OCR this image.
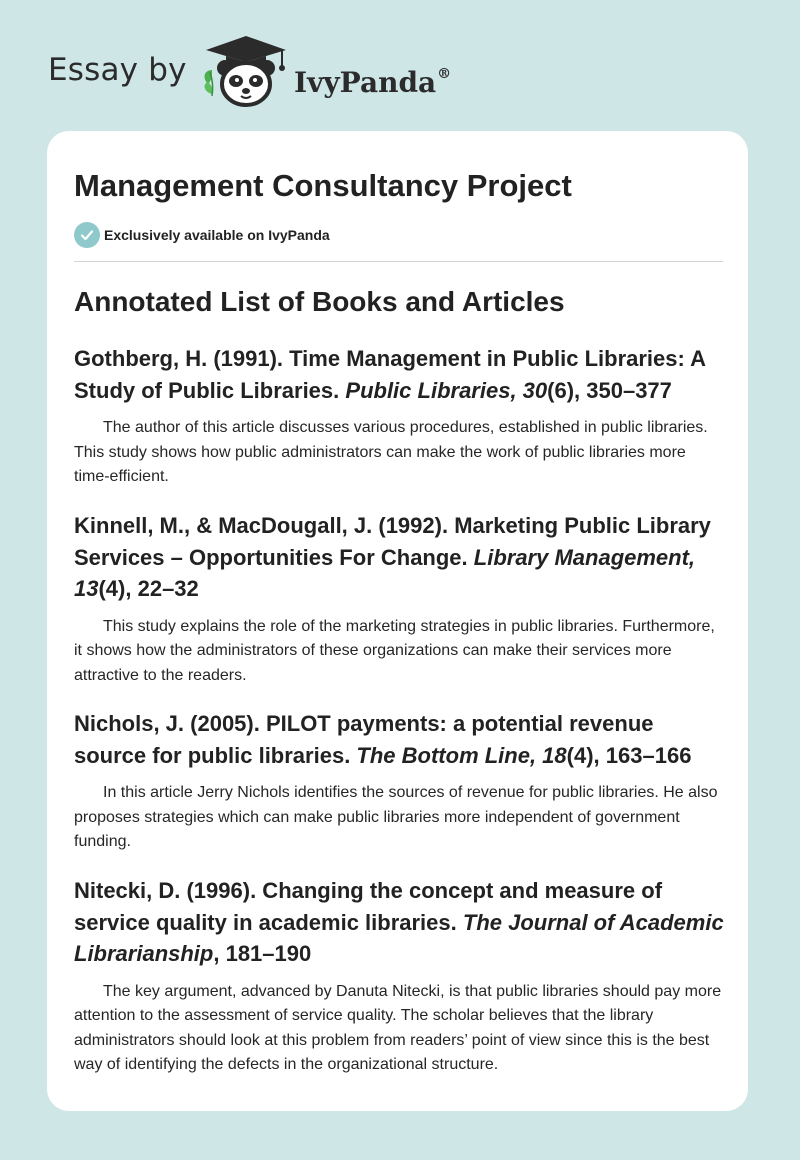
Essay by	IvyPanda®
Management Consultancy Project
Exclusively available on IvyPanda
Annotated List of Books and Articles
Gothberg, H. (1991). Time Management in Public Libraries: A Study of Public Libraries. Public Libraries, 30(6), 350–377

The author of this article discusses various procedures, established in public libraries. This study shows how public administrators can make the work of public libraries more time-efficient.

Kinnell, M., & MacDougall, J. (1992). Marketing Public Library Services – Opportunities For Change. Library Management, 13(4), 22–32

This study explains the role of the marketing strategies in public libraries. Furthermore, it shows how the administrators of these organizations can make their services more attractive to the readers.

Nichols, J. (2005). PILOT payments: a potential revenue source for public libraries. The Bottom Line, 18(4), 163–166

In this article Jerry Nichols identifies the sources of revenue for public libraries. He also proposes strategies which can make public libraries more independent of government funding.

Nitecki, D. (1996). Changing the concept and measure of service quality in academic libraries. The Journal of Academic Librarianship, 181–190

The key argument, advanced by Danuta Nitecki, is that public libraries should pay more attention to the assessment of service quality. The scholar believes that the library administrators should look at this problem from readers’ point of view since this is the best way of identifying the defects in the organizational structure.
